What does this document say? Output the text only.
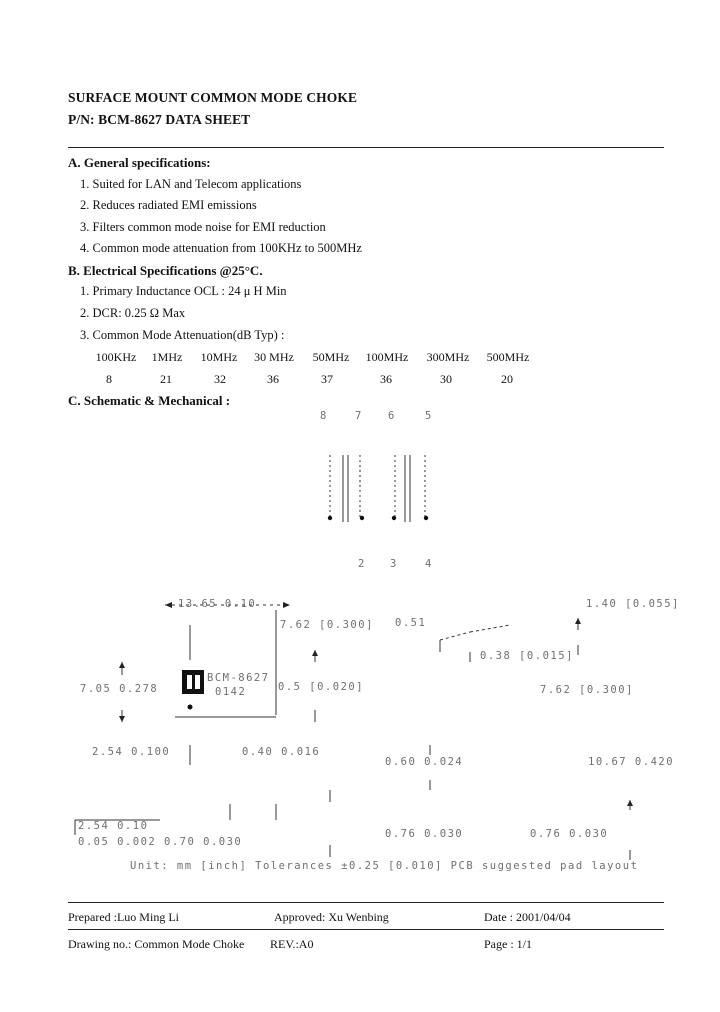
SURFACE MOUNT COMMON MODE CHOKE
P/N: BCM-8627 DATA SHEET
A. General specifications:
1. Suited for LAN and Telecom applications
2. Reduces radiated EMI emissions
3. Filters common mode noise for EMI reduction
4. Common mode attenuation from 100KHz to 500MHz
B. Electrical Specifications @25°C.
1. Primary Inductance OCL : 24 μ H Min
2. DCR: 0.25 Ω Max
3. Common Mode Attenuation(dB Typ) :
100KHz	1MHz	10MHz	30 MHz	50MHz	100MHz	300MHz	500MHz
8	21	32	36	37	36	30	20
C. Schematic & Mechanical :
8	7 6	5
2 3	4
13.65 0.10
7.62 [0.300] 0.51
1.40 [0.055]
0.38 [0.015]
7.05 0.278
BCM-8627
0142	0.5 [0.020]	7.62 [0.300]
2.54 0.100	0.40 0.016
0.60 0.024	10.67 0.420
2.54 0.10
0.05 0.002 0.70 0.030
0.76 0.030	0.76 0.030
Unit: mm [inch] Tolerances ±0.25 [0.010] PCB suggested pad layout
Prepared :Luo Ming Li	Approved: Xu Wenbing	Date : 2001/04/04
Drawing no.: Common Mode Choke REV.:A0	Page : 1/1
